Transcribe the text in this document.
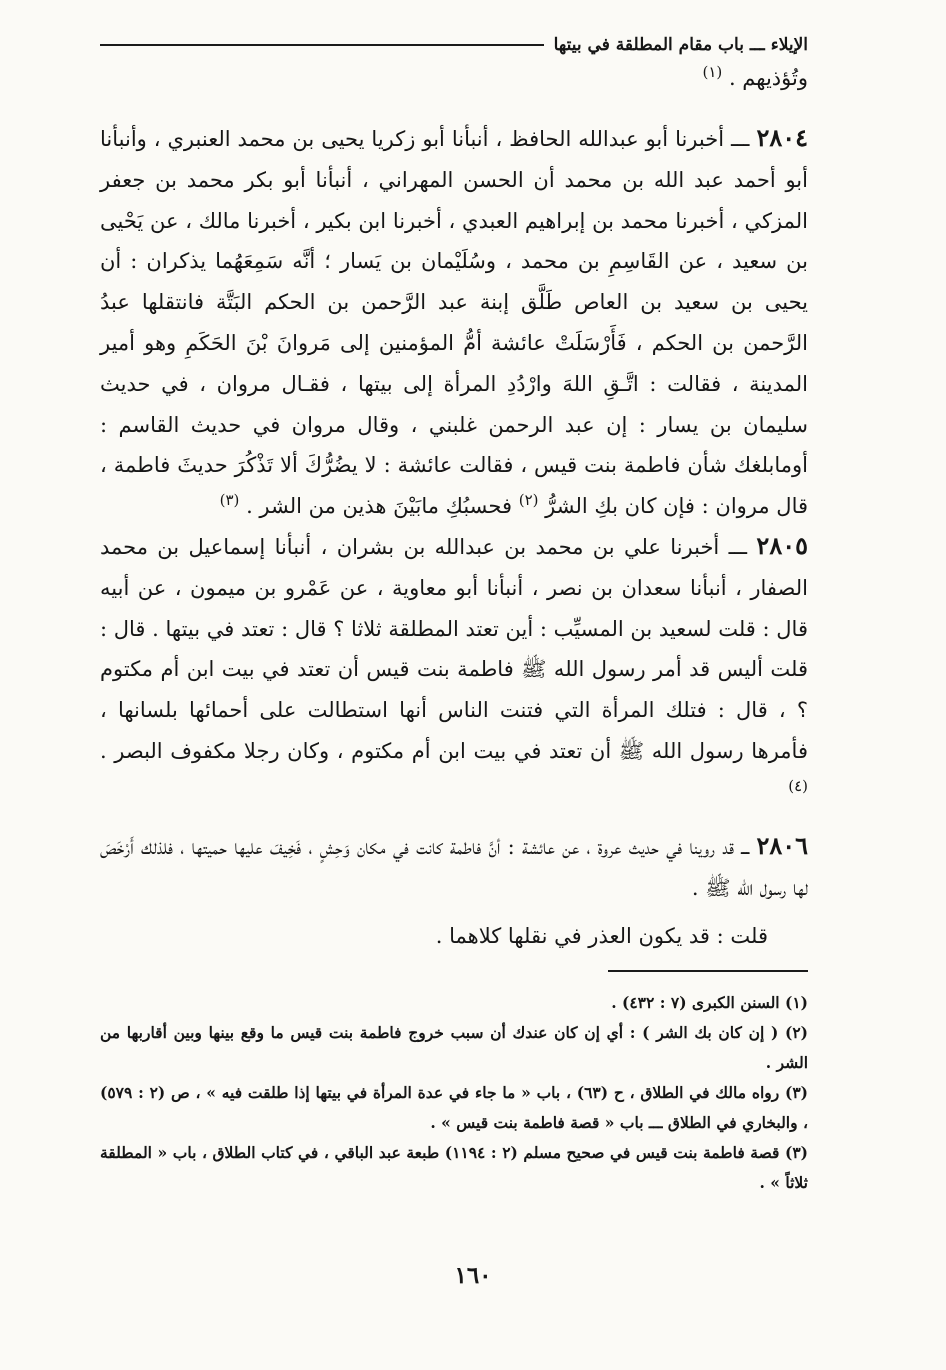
الإيلاء ـــ باب مقام المطلقة في بيتها

وتُؤذيهم . $^{(١)}$

٢٨٠٤ ـــ أخبرنا أبو عبدالله الحافظ ، أنبأنا أبو زكريا يحيى بن محمد العنبري ، وأنبأنا أبو أحمد عبد الله بن محمد أن الحسن المهراني ، أنبأنا أبو بكر محمد بن جعفر المزكي ، أخبرنا محمد بن إبراهيم العبدي ، أخبرنا ابن بكير ، أخبرنا مالك ، عن يَحْيى بن سعيد ، عن القَاسِمِ بن محمد ، وسُلَيْمان بن يَسار ؛ أنَّه سَمِعَهُما يذكران : أن يحيى بن سعيد بن العاص طَلَّق إبنة عبد الرَّحمن بن الحكم البَتَّة فانتقلها عبدُ الرَّحمن بن الحكم ، فَأَرْسَلَتْ عائشة أمُّ المؤمنين إلى مَروانَ بْنَ الحَكَمِ وهو أمير المدينة ، فقالت : اتَّـقِ اللهَ وارْدُدِ المرأة إلى بيتها ، فقـال مروان ، في حديث سليمان بن يسار : إن عبد الرحمن غلبني ، وقال مروان في حديث القاسم : أومابلغك شأن فاطمة بنت قيس ، فقالت عائشة : لا يضُرُّكَ ألا تَذْكُرَ حديثَ فاطمة ، قال مروان : فإن كان بكِ الشرُّ $^{(٢)}$ فحسبُكِ مابَيْنَ هذين من الشر . $^{(٣)}$

٢٨٠٥ ـــ أخبرنا علي بن محمد بن عبدالله بن بشران ، أنبأنا إسماعيل بن محمد الصفار ، أنبأنا سعدان بن نصر ، أنبأنا أبو معاوية ، عن عَمْرو بن ميمون ، عن أبيه قال : قلت لسعيد بن المسيِّب : أين تعتد المطلقة ثلاثا ؟ قال : تعتد في بيتها . قال : قلت أليس قد أمر رسول الله ﷺ فاطمة بنت قيس أن تعتد في بيت ابن أم مكتوم ؟ ، قال : فتلك المرأة التي فتنت الناس أنها استطالت على أحمائها بلسانها ، فأمرها رسول الله ﷺ أن تعتد في بيت ابن أم مكتوم ، وكان رجلا مكفوف البصر . $^{(٤)}$

٢٨٠٦ ـــ قد روينا في حديث عروة ، عن عائشة : أنَّ فاطمة كانت في مكان وَحِشٍ ، فَخِيفَ عليها حميتها ، فلذلك أَرْخَصَ لها رسول الله ﷺ .

قلت : قد يكون العذر في نقلها كلاهما .

(١) السنن الكبرى (٧ : ٤٣٢) .

(٢) ( إن كان بك الشر ) : أي إن كان عندك أن سبب خروج فاطمة بنت قيس ما وقع بينها وبين أقاربها من الشر .

(٣) رواه مالك في الطلاق ، ح (٦٣) ، باب « ما جاء في عدة المرأة في بيتها إذا طلقت فيه » ، ص (٢ : ٥٧٩) ، والبخاري في الطلاق ـــ باب « قصة فاطمة بنت قيس » .

(٣) قصة فاطمة بنت قيس في صحيح مسلم (٢ : ١١٩٤) طبعة عبد الباقي ، في كتاب الطلاق ، باب « المطلقة ثلاثاً » .

١٦٠
